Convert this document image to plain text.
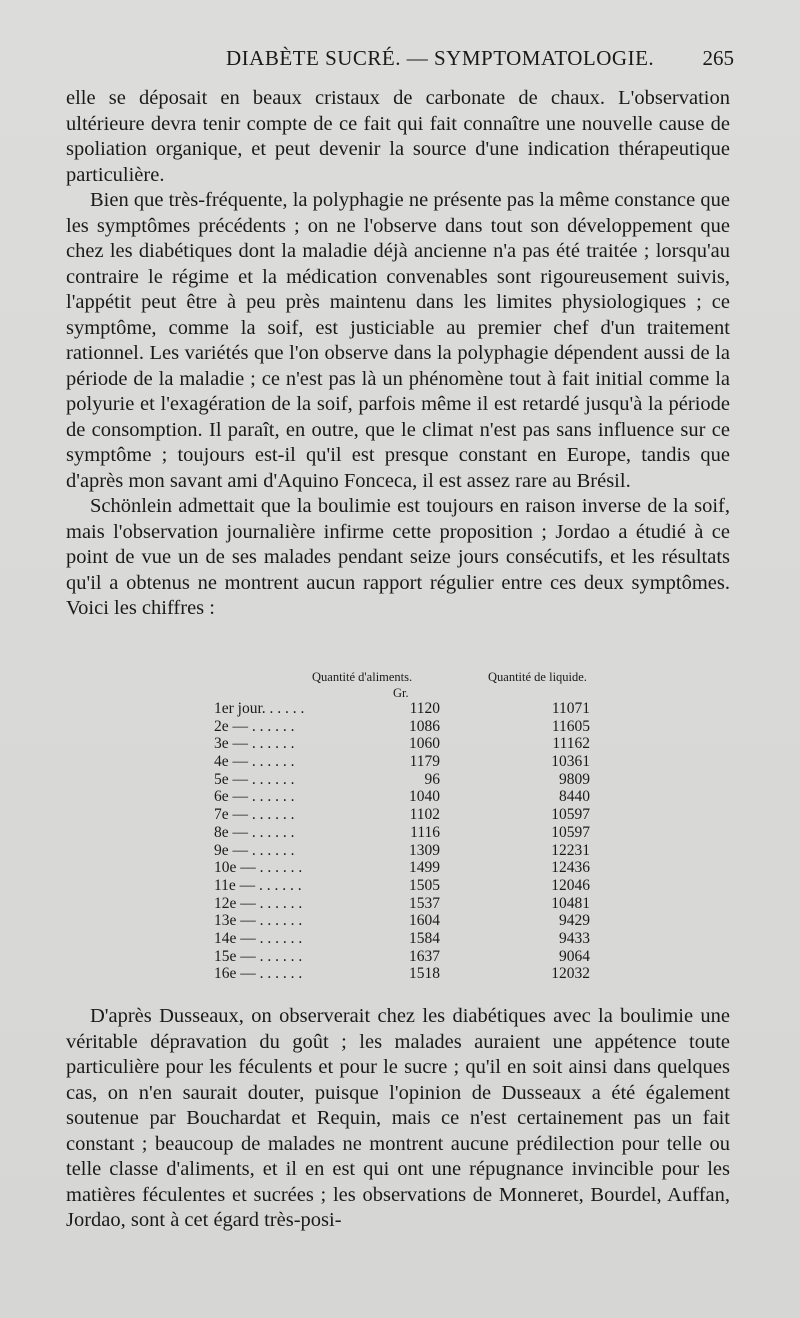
DIABÈTE SUCRÉ. — SYMPTOMATOLOGIE. 265

elle se déposait en beaux cristaux de carbonate de chaux. L'observation ultérieure devra tenir compte de ce fait qui fait connaître une nouvelle cause de spoliation organique, et peut devenir la source d'une indication thérapeutique particulière.

Bien que très-fréquente, la polyphagie ne présente pas la même constance que les symptômes précédents ; on ne l'observe dans tout son développement que chez les diabétiques dont la maladie déjà ancienne n'a pas été traitée ; lorsqu'au contraire le régime et la médication convenables sont rigoureusement suivis, l'appétit peut être à peu près maintenu dans les limites physiologiques ; ce symptôme, comme la soif, est justiciable au premier chef d'un traitement rationnel. Les variétés que l'on observe dans la polyphagie dépendent aussi de la période de la maladie ; ce n'est pas là un phénomène tout à fait initial comme la polyurie et l'exagération de la soif, parfois même il est retardé jusqu'à la période de consomption. Il paraît, en outre, que le climat n'est pas sans influence sur ce symptôme ; toujours est-il qu'il est presque constant en Europe, tandis que d'après mon savant ami d'Aquino Fonceca, il est assez rare au Brésil.

Schönlein admettait que la boulimie est toujours en raison inverse de la soif, mais l'observation journalière infirme cette proposition ; Jordao a étudié à ce point de vue un de ses malades pendant seize jours consécutifs, et les résultats qu'il a obtenus ne montrent aucun rapport régulier entre ces deux symptômes. Voici les chiffres :

Quantité d'aliments.	Quantité de liquide.
Gr.
1er jour. . . . . .	1120	11071
2e — . . . . . .	1086	11605
3e — . . . . . .	1060	11162
4e — . . . . . .	1179	10361
5e — . . . . . .	96	9809
6e — . . . . . .	1040	8440
7e — . . . . . .	1102	10597
8e — . . . . . .	1116	10597
9e — . . . . . .	1309	12231
10e — . . . . . .	1499	12436
11e — . . . . . .	1505	12046
12e — . . . . . .	1537	10481
13e — . . . . . .	1604	9429
14e — . . . . . .	1584	9433
15e — . . . . . .	1637	9064
16e — . . . . . .	1518	12032

D'après Dusseaux, on observerait chez les diabétiques avec la boulimie une véritable dépravation du goût ; les malades auraient une appétence toute particulière pour les féculents et pour le sucre ; qu'il en soit ainsi dans quelques cas, on n'en saurait douter, puisque l'opinion de Dusseaux a été également soutenue par Bouchardat et Requin, mais ce n'est certainement pas un fait constant ; beaucoup de malades ne montrent aucune prédilection pour telle ou telle classe d'aliments, et il en est qui ont une répugnance invincible pour les matières féculentes et sucrées ; les observations de Monneret, Bourdel, Auffan, Jordao, sont à cet égard très-posi-
